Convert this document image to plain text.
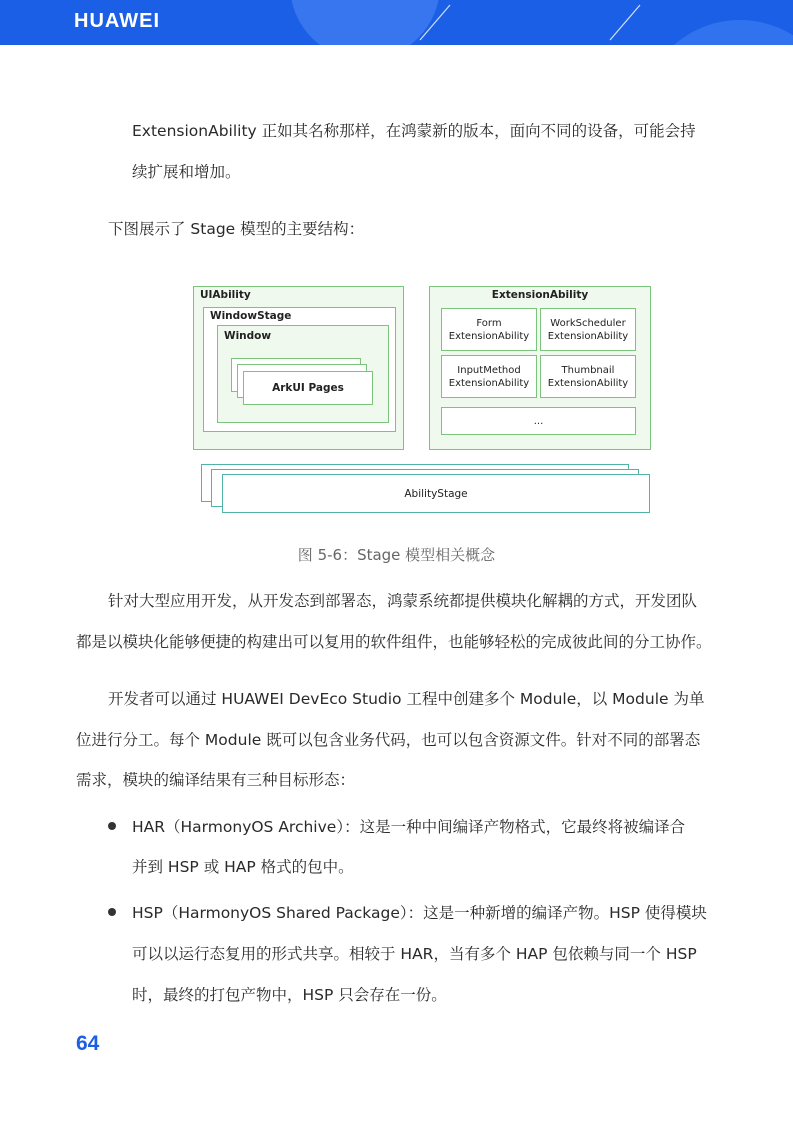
HUAWEI
ExtensionAbility 正如其名称那样，在鸿蒙新的版本，面向不同的设备，可能会持
续扩展和增加。
下图展示了 Stage 模型的主要结构：
UIAbility
WindowStage
Window
ArkUI Pages
ExtensionAbility
Form
ExtensionAbility
WorkScheduler
ExtensionAbility
InputMethod
ExtensionAbility
Thumbnail
ExtensionAbility
...
AbilityStage
图 5-6：Stage 模型相关概念
针对大型应用开发，从开发态到部署态，鸿蒙系统都提供模块化解耦的方式，开发团队
都是以模块化能够便捷的构建出可以复用的软件组件，也能够轻松的完成彼此间的分工协作。
开发者可以通过 HUAWEI DevEco Studio 工程中创建多个 Module，以 Module 为单
位进行分工。每个 Module 既可以包含业务代码，也可以包含资源文件。针对不同的部署态
需求，模块的编译结果有三种目标形态：
HAR（HarmonyOS Archive）：这是一种中间编译产物格式，它最终将被编译合
并到 HSP 或 HAP 格式的包中。
HSP（HarmonyOS Shared Package）：这是一种新增的编译产物。HSP 使得模块
可以以运行态复用的形式共享。相较于 HAR，当有多个 HAP 包依赖与同一个 HSP
时，最终的打包产物中，HSP 只会存在一份。
64
